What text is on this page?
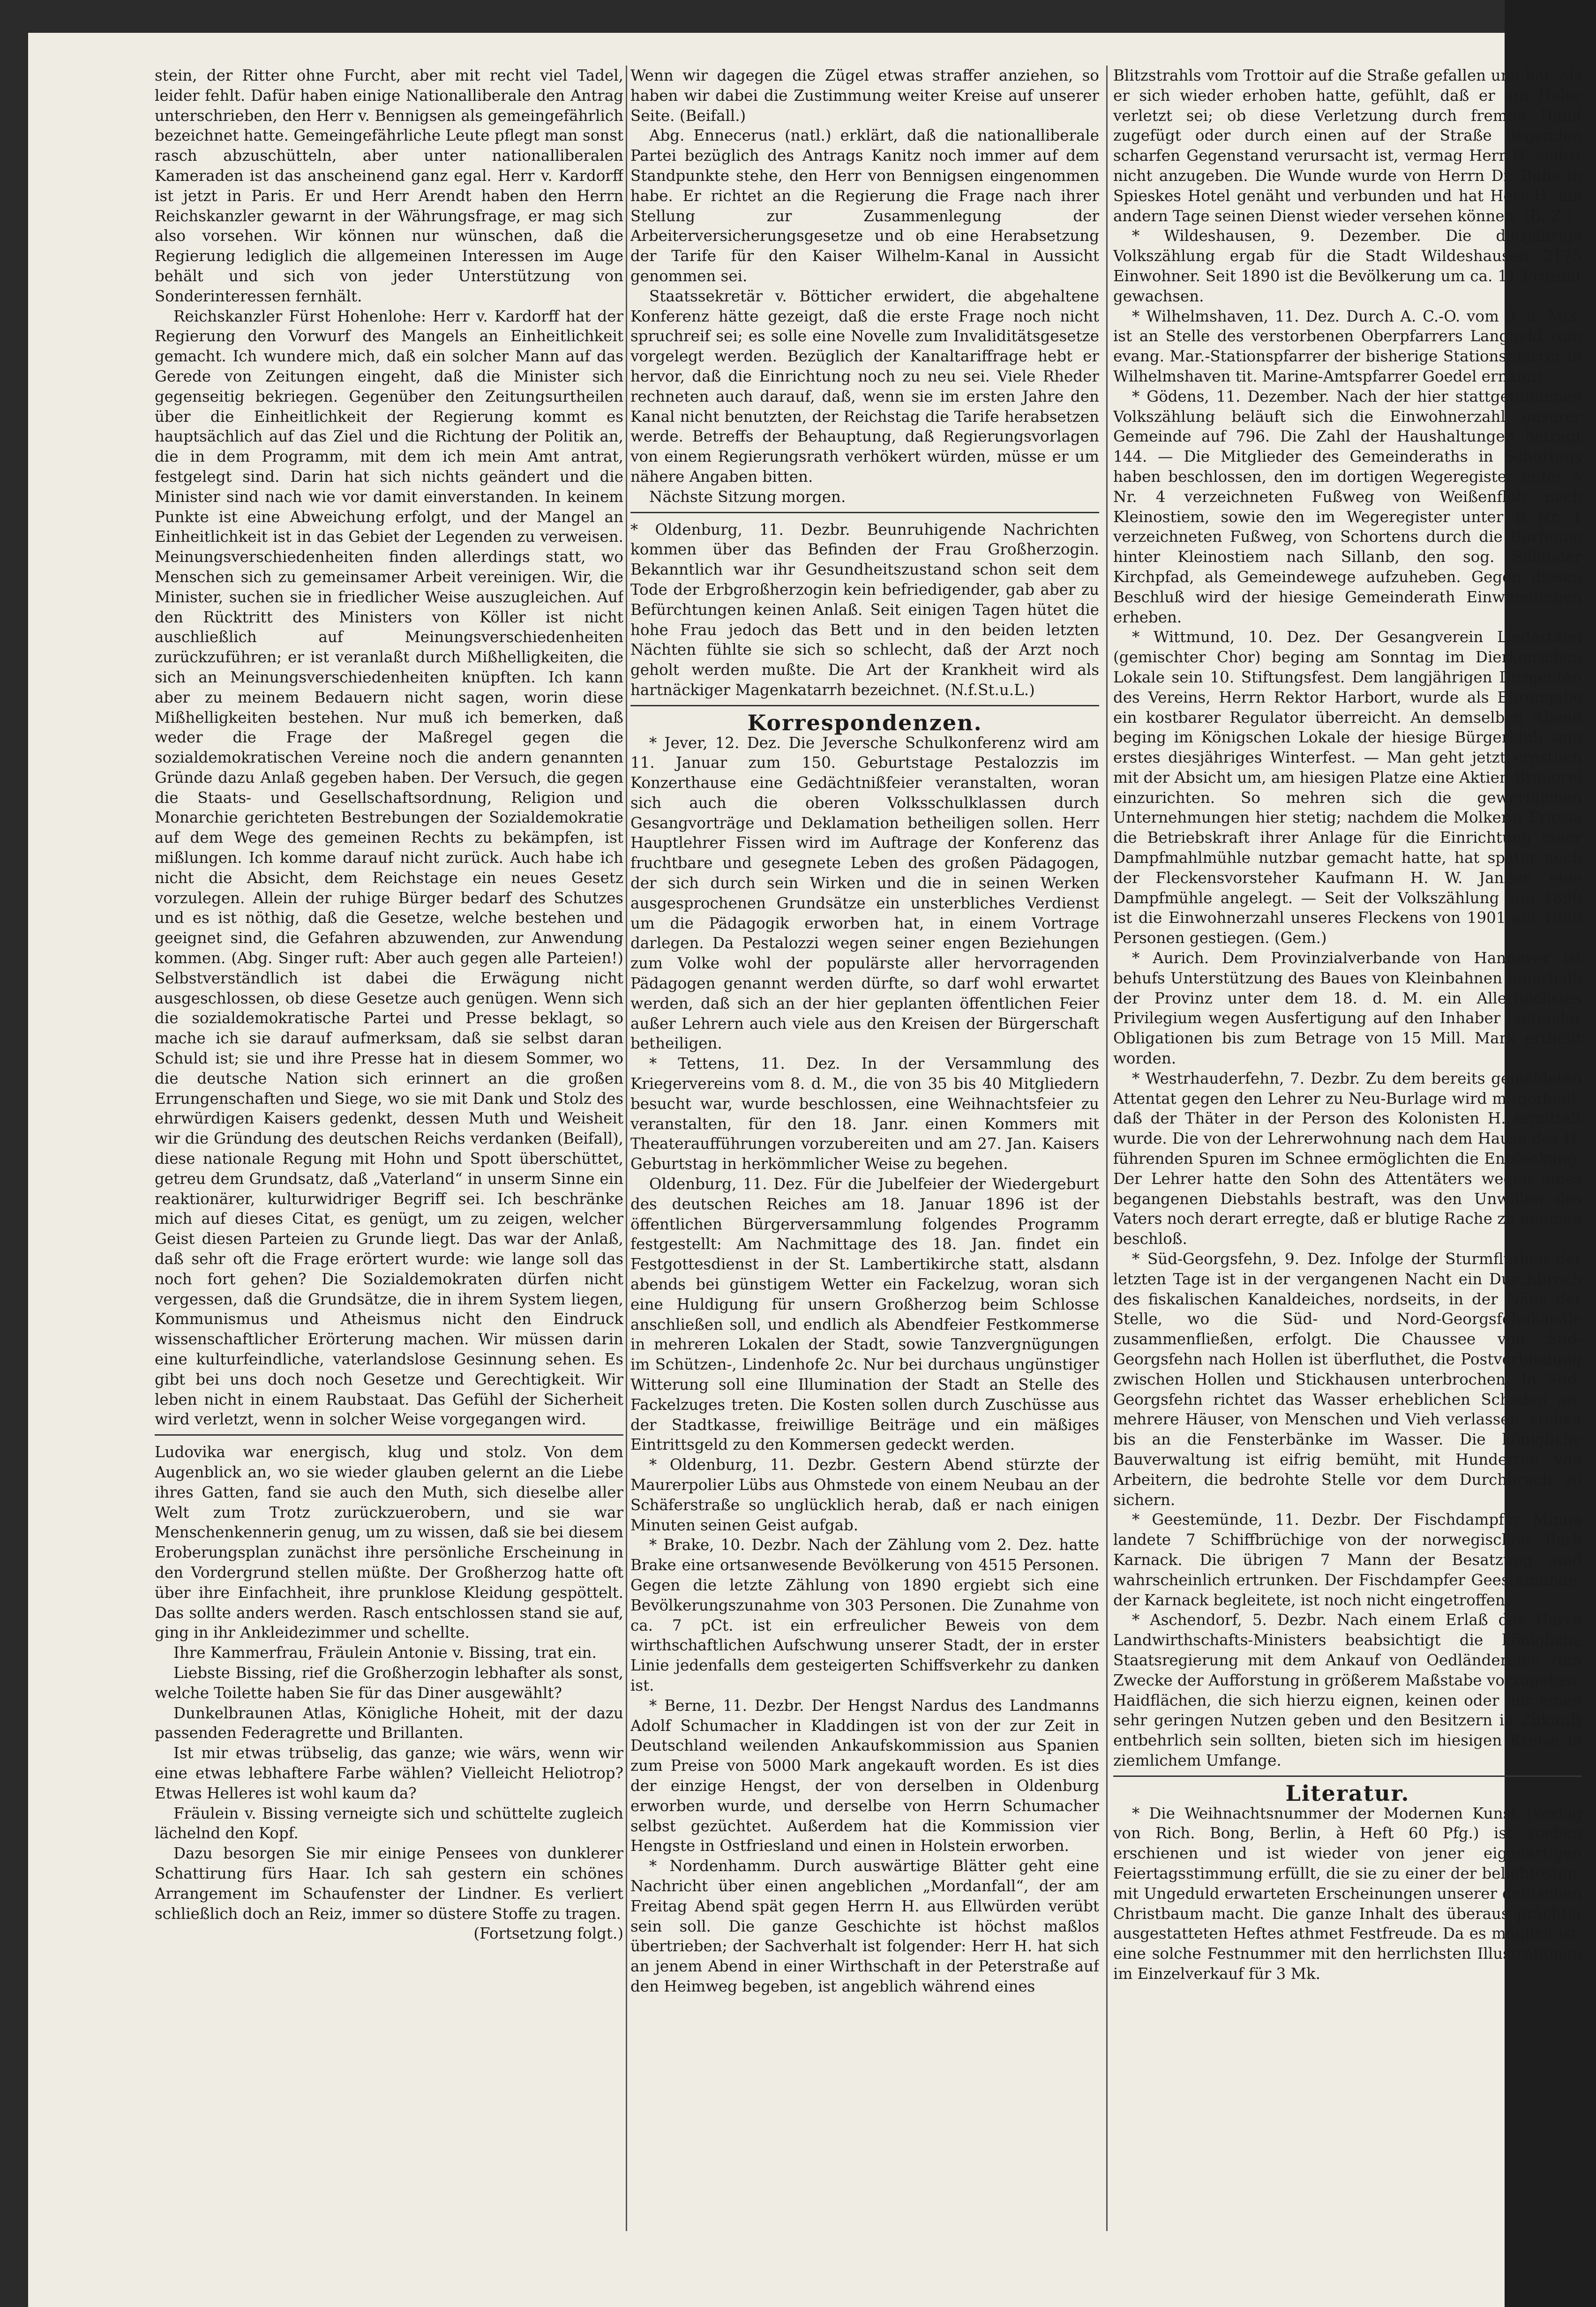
stein, der Ritter ohne Furcht, aber mit recht viel Tadel, leider fehlt. Dafür haben einige Nationalliberale den Antrag unterschrieben, den Herr v. Bennigsen als gemeingefährlich bezeichnet hatte. Gemeingefährliche Leute pflegt man sonst rasch abzuschütteln, aber unter nationalliberalen Kameraden ist das anscheinend ganz egal. Herr v. Kardorff ist jetzt in Paris. Er und Herr Arendt haben den Herrn Reichskanzler gewarnt in der Währungsfrage, er mag sich also vorsehen. Wir können nur wünschen, daß die Regierung lediglich die allgemeinen Interessen im Auge behält und sich von jeder Unterstützung von Sonderinteressen fernhält.

Reichskanzler Fürst Hohenlohe: Herr v. Kardorff hat der Regierung den Vorwurf des Mangels an Einheitlichkeit gemacht. Ich wundere mich, daß ein solcher Mann auf das Gerede von Zeitungen eingeht, daß die Minister sich gegenseitig bekriegen. Gegenüber den Zeitungsurtheilen über die Einheitlichkeit der Regierung kommt es hauptsächlich auf das Ziel und die Richtung der Politik an, die in dem Programm, mit dem ich mein Amt antrat, festgelegt sind. Darin hat sich nichts geändert und die Minister sind nach wie vor damit einverstanden. In keinem Punkte ist eine Abweichung erfolgt, und der Mangel an Einheitlichkeit ist in das Gebiet der Legenden zu verweisen. Meinungsverschiedenheiten finden allerdings statt, wo Menschen sich zu gemeinsamer Arbeit vereinigen. Wir, die Minister, suchen sie in friedlicher Weise auszugleichen. Auf den Rücktritt des Ministers von Köller ist nicht auschließlich auf Meinungsverschiedenheiten zurückzuführen; er ist veranlaßt durch Mißhelligkeiten, die sich an Meinungsverschiedenheiten knüpften. Ich kann aber zu meinem Bedauern nicht sagen, worin diese Mißhelligkeiten bestehen. Nur muß ich bemerken, daß weder die Frage der Maßregel gegen die sozialdemokratischen Vereine noch die andern genannten Gründe dazu Anlaß gegeben haben. Der Versuch, die gegen die Staats- und Gesellschaftsordnung, Religion und Monarchie gerichteten Bestrebungen der Sozialdemokratie auf dem Wege des gemeinen Rechts zu bekämpfen, ist mißlungen. Ich komme darauf nicht zurück. Auch habe ich nicht die Absicht, dem Reichstage ein neues Gesetz vorzulegen. Allein der ruhige Bürger bedarf des Schutzes und es ist nöthig, daß die Gesetze, welche bestehen und geeignet sind, die Gefahren abzuwenden, zur Anwendung kommen. (Abg. Singer ruft: Aber auch gegen alle Parteien!) Selbstverständlich ist dabei die Erwägung nicht ausgeschlossen, ob diese Gesetze auch genügen. Wenn sich die sozialdemokratische Partei und Presse beklagt, so mache ich sie darauf aufmerksam, daß sie selbst daran Schuld ist; sie und ihre Presse hat in diesem Sommer, wo die deutsche Nation sich erinnert an die großen Errungenschaften und Siege, wo sie mit Dank und Stolz des ehrwürdigen Kaisers gedenkt, dessen Muth und Weisheit wir die Gründung des deutschen Reichs verdanken (Beifall), diese nationale Regung mit Hohn und Spott überschüttet, getreu dem Grundsatz, daß „Vaterland“ in unserm Sinne ein reaktionärer, kulturwidriger Begriff sei. Ich beschränke mich auf dieses Citat, es genügt, um zu zeigen, welcher Geist diesen Parteien zu Grunde liegt. Das war der Anlaß, daß sehr oft die Frage erörtert wurde: wie lange soll das noch fort gehen? Die Sozialdemokraten dürfen nicht vergessen, daß die Grundsätze, die in ihrem System liegen, Kommunismus und Atheismus nicht den Eindruck wissenschaftlicher Erörterung machen. Wir müssen darin eine kulturfeindliche, vaterlandslose Gesinnung sehen. Es gibt bei uns doch noch Gesetze und Gerechtigkeit. Wir leben nicht in einem Raubstaat. Das Gefühl der Sicherheit wird verletzt, wenn in solcher Weise vorgegangen wird.

Ludovika war energisch, klug und stolz. Von dem Augenblick an, wo sie wieder glauben gelernt an die Liebe ihres Gatten, fand sie auch den Muth, sich dieselbe aller Welt zum Trotz zurückzuerobern, und sie war Menschenkennerin genug, um zu wissen, daß sie bei diesem Eroberungsplan zunächst ihre persönliche Erscheinung in den Vordergrund stellen müßte. Der Großherzog hatte oft über ihre Einfachheit, ihre prunklose Kleidung gespöttelt. Das sollte anders werden. Rasch entschlossen stand sie auf, ging in ihr Ankleidezimmer und schellte.

Ihre Kammerfrau, Fräulein Antonie v. Bissing, trat ein.

Liebste Bissing, rief die Großherzogin lebhafter als sonst, welche Toilette haben Sie für das Diner ausgewählt?

Dunkelbraunen Atlas, Königliche Hoheit, mit der dazu passenden Federagrette und Brillanten.

Ist mir etwas trübselig, das ganze; wie wärs, wenn wir eine etwas lebhaftere Farbe wählen? Vielleicht Heliotrop? Etwas Helleres ist wohl kaum da?

Fräulein v. Bissing verneigte sich und schüttelte zugleich lächelnd den Kopf.

Dazu besorgen Sie mir einige Pensees von dunklerer Schattirung fürs Haar. Ich sah gestern ein schönes Arrangement im Schaufenster der Lindner. Es verliert schließlich doch an Reiz, immer so düstere Stoffe zu tragen.

(Fortsetzung folgt.)

Wenn wir dagegen die Zügel etwas straffer anziehen, so haben wir dabei die Zustimmung weiter Kreise auf unserer Seite. (Beifall.)

Abg. Ennecerus (natl.) erklärt, daß die nationalliberale Partei bezüglich des Antrags Kanitz noch immer auf dem Standpunkte stehe, den Herr von Bennigsen eingenommen habe. Er richtet an die Regierung die Frage nach ihrer Stellung zur Zusammenlegung der Arbeiterversicherungsgesetze und ob eine Herabsetzung der Tarife für den Kaiser Wilhelm-Kanal in Aussicht genommen sei.

Staatssekretär v. Bötticher erwidert, die abgehaltene Konferenz hätte gezeigt, daß die erste Frage noch nicht spruchreif sei; es solle eine Novelle zum Invaliditätsgesetze vorgelegt werden. Bezüglich der Kanaltariffrage hebt er hervor, daß die Einrichtung noch zu neu sei. Viele Rheder rechneten auch darauf, daß, wenn sie im ersten Jahre den Kanal nicht benutzten, der Reichstag die Tarife herabsetzen werde. Betreffs der Behauptung, daß Regierungsvorlagen von einem Regierungsrath verhökert würden, müsse er um nähere Angaben bitten.

Nächste Sitzung morgen.

* Oldenburg, 11. Dezbr. Beunruhigende Nachrichten kommen über das Befinden der Frau Großherzogin. Bekanntlich war ihr Gesundheitszustand schon seit dem Tode der Erbgroßherzogin kein befriedigender, gab aber zu Befürchtungen keinen Anlaß. Seit einigen Tagen hütet die hohe Frau jedoch das Bett und in den beiden letzten Nächten fühlte sie sich so schlecht, daß der Arzt noch geholt werden mußte. Die Art der Krankheit wird als hartnäckiger Magenkatarrh bezeichnet. (N.f.St.u.L.)

Korrespondenzen.

* Jever, 12. Dez. Die Jeversche Schulkonferenz wird am 11. Januar zum 150. Geburtstage Pestalozzis im Konzerthause eine Gedächtnißfeier veranstalten, woran sich auch die oberen Volksschulklassen durch Gesangvorträge und Deklamation betheiligen sollen. Herr Hauptlehrer Fissen wird im Auftrage der Konferenz das fruchtbare und gesegnete Leben des großen Pädagogen, der sich durch sein Wirken und die in seinen Werken ausgesprochenen Grundsätze ein unsterbliches Verdienst um die Pädagogik erworben hat, in einem Vortrage darlegen. Da Pestalozzi wegen seiner engen Beziehungen zum Volke wohl der populärste aller hervorragenden Pädagogen genannt werden dürfte, so darf wohl erwartet werden, daß sich an der hier geplanten öffentlichen Feier außer Lehrern auch viele aus den Kreisen der Bürgerschaft betheiligen.

* Tettens, 11. Dez. In der Versammlung des Kriegervereins vom 8. d. M., die von 35 bis 40 Mitgliedern besucht war, wurde beschlossen, eine Weihnachtsfeier zu veranstalten, für den 18. Janr. einen Kommers mit Theateraufführungen vorzubereiten und am 27. Jan. Kaisers Geburtstag in herkömmlicher Weise zu begehen.

Oldenburg, 11. Dez. Für die Jubelfeier der Wiedergeburt des deutschen Reiches am 18. Januar 1896 ist der öffentlichen Bürgerversammlung folgendes Programm festgestellt: Am Nachmittage des 18. Jan. findet ein Festgottesdienst in der St. Lambertikirche statt, alsdann abends bei günstigem Wetter ein Fackelzug, woran sich eine Huldigung für unsern Großherzog beim Schlosse anschließen soll, und endlich als Abendfeier Festkommerse in mehreren Lokalen der Stadt, sowie Tanzvergnügungen im Schützen-, Lindenhofe 2c. Nur bei durchaus ungünstiger Witterung soll eine Illumination der Stadt an Stelle des Fackelzuges treten. Die Kosten sollen durch Zuschüsse aus der Stadtkasse, freiwillige Beiträge und ein mäßiges Eintrittsgeld zu den Kommersen gedeckt werden.

* Oldenburg, 11. Dezbr. Gestern Abend stürzte der Maurerpolier Lübs aus Ohmstede von einem Neubau an der Schäferstraße so unglücklich herab, daß er nach einigen Minuten seinen Geist aufgab.

* Brake, 10. Dezbr. Nach der Zählung vom 2. Dez. hatte Brake eine ortsanwesende Bevölkerung von 4515 Personen. Gegen die letzte Zählung von 1890 ergiebt sich eine Bevölkerungszunahme von 303 Personen. Die Zunahme von ca. 7 pCt. ist ein erfreulicher Beweis von dem wirthschaftlichen Aufschwung unserer Stadt, der in erster Linie jedenfalls dem gesteigerten Schiffsverkehr zu danken ist.

* Berne, 11. Dezbr. Der Hengst Nardus des Landmanns Adolf Schumacher in Kladdingen ist von der zur Zeit in Deutschland weilenden Ankaufskommission aus Spanien zum Preise von 5000 Mark angekauft worden. Es ist dies der einzige Hengst, der von derselben in Oldenburg erworben wurde, und derselbe von Herrn Schumacher selbst gezüchtet. Außerdem hat die Kommission vier Hengste in Ostfriesland und einen in Holstein erworben.

* Nordenhamm. Durch auswärtige Blätter geht eine Nachricht über einen angeblichen „Mordanfall“, der am Freitag Abend spät gegen Herrn H. aus Ellwürden verübt sein soll. Die ganze Geschichte ist höchst maßlos übertrieben; der Sachverhalt ist folgender: Herr H. hat sich an jenem Abend in einer Wirthschaft in der Peterstraße auf den Heimweg begeben, ist angeblich während eines

Blitzstrahls vom Trottoir auf die Straße gefallen und hat, als er sich wieder erhoben hatte, gefühlt, daß er am Halse verletzt sei; ob diese Verletzung durch fremde Hand zugefügt oder durch einen auf der Straße liegenden scharfen Gegenstand verursacht ist, vermag Herr H. selbst nicht anzugeben. Die Wunde wurde von Herrn Dr. Buba in Spieskes Hotel genäht und verbunden und hat Herr H. am andern Tage seinen Dienst wieder versehen können. (B. Z.)

* Wildeshausen, 9. Dezember. Die diesjährige Volkszählung ergab für die Stadt Wildeshausen 2175 Einwohner. Seit 1890 ist die Bevölkerung um ca. 11 Prozent gewachsen.

* Wilhelmshaven, 11. Dez. Durch A. C.-O. vom 9. d. Mts. ist an Stelle des verstorbenen Oberpfarrers Langheld zum evang. Mar.-Stationspfarrer der bisherige Stationspfarrer in Wilhelmshaven tit. Marine-Amtspfarrer Goedel ernannt.

* Gödens, 11. Dezember. Nach der hier stattgefundenen Volkszählung beläuft sich die Einwohnerzahl unserer Gemeinde auf 796. Die Zahl der Haushaltungen beträgt 144. — Die Mitglieder des Gemeinderaths in Schortens haben beschlossen, den im dortigen Wegeregister unter A Nr. 4 verzeichneten Fußweg von Weißenfloh nach Kleinostiem, sowie den im Wegeregister unter B Nr. 1 verzeichneten Fußweg, von Schortens durch die Burfenne hinter Kleinostiem nach Sillanb, den sog. Sillander Kirchpfad, als Gemeindewege aufzuheben. Gegen diesen Beschluß wird der hiesige Gemeinderath Einwendungen erheben.

* Wittmund, 10. Dez. Der Gesangverein Liedertafel (gemischter Chor) beging am Sonntag im Dierkenschen Lokale sein 10. Stiftungsfest. Dem langjährigen Dirigenten des Vereins, Herrn Rektor Harbort, wurde als Ehrengabe ein kostbarer Regulator überreicht. An demselben Abend beging im Königschen Lokale der hiesige Bürgerklub sein erstes diesjähriges Winterfest. — Man geht jetzt ernstlich mit der Absicht um, am hiesigen Platze eine Aktien-Brauerei einzurichten. So mehren sich die gewerblichen Unternehmungen hier stetig; nachdem die Molkerei Friesia die Betriebskraft ihrer Anlage für die Einrichtung einer Dampfmahlmühle nutzbar gemacht hatte, hat später auch der Fleckensvorsteher Kaufmann H. W. Janßen eine Dampfmühle angelegt. — Seit der Volkszählung von 1890 ist die Einwohnerzahl unseres Fleckens von 1901 auf 1980 Personen gestiegen. (Gem.)

* Aurich. Dem Provinzialverbande von Hannover ist behufs Unterstützung des Baues von Kleinbahnen innerhalb der Provinz unter dem 18. d. M. ein Allerhöchstes Privilegium wegen Ausfertigung auf den Inhaber lautender Obligationen bis zum Betrage von 15 Mill. Mark ertheilt worden.

* Westrhauderfehn, 7. Dezbr. Zu dem bereits gemeldeten Attentat gegen den Lehrer zu Neu-Burlage wird mitgetheilt, daß der Thäter in der Person des Kolonisten H. ermittelt wurde. Die von der Lehrerwohnung nach dem Hause des H. führenden Spuren im Schnee ermöglichten die Entdeckung. Der Lehrer hatte den Sohn des Attentäters wegen eines begangenen Diebstahls bestraft, was den Unwillen des Vaters noch derart erregte, daß er blutige Rache zu nehmen beschloß.

* Süd-Georgsfehn, 9. Dez. Infolge der Sturmfluthen der letzten Tage ist in der vergangenen Nacht ein Durchbruch des fiskalischen Kanaldeiches, nordseits, in der Nähe der Stelle, wo die Süd- und Nord-Georgsfehnkanäle zusammenfließen, erfolgt. Die Chaussee von Süd-Georgsfehn nach Hollen ist überfluthet, die Postverbindung zwischen Hollen und Stickhausen unterbrochen. In Süd-Georgsfehn richtet das Wasser erheblichen Schaden an; mehrere Häuser, von Menschen und Vieh verlassen, stehen bis an die Fensterbänke im Wasser. Die königliche Bauverwaltung ist eifrig bemüht, mit Hunderten von Arbeitern, die bedrohte Stelle vor dem Durchbruch zu sichern.

* Geestemünde, 11. Dezbr. Der Fischdampfer Minna landete 7 Schiffbrüchige von der norwegischen Bark Karnack. Die übrigen 7 Mann der Besatzung sind wahrscheinlich ertrunken. Der Fischdampfer Geestemünde, der Karnack begleitete, ist noch nicht eingetroffen.

* Aschendorf, 5. Dezbr. Nach einem Erlaß des Herrn Landwirthschafts-Ministers beabsichtigt die königliche Staatsregierung mit dem Ankauf von Oedländereien zum Zwecke der Aufforstung in größerem Maßstabe vorzugehen. Haidflächen, die sich hierzu eignen, keinen oder nur einen sehr geringen Nutzen geben und den Besitzern in Zukunft entbehrlich sein sollten, bieten sich im hiesigen Kreise in ziemlichem Umfange.

Literatur.

* Die Weihnachtsnummer der Modernen Kunst (Verlag von Rich. Bong, Berlin, à Heft 60 Pfg.) ist soeben erschienen und ist wieder von jener eigenartigen Feiertagsstimmung erfüllt, die sie zu einer der beliebtesten, mit Ungeduld erwarteten Erscheinungen unserer deutschen Christbaum macht. Die ganze Inhalt des überaus prächtig ausgestatteten Heftes athmet Festfreude. Da es möglich ist, eine solche Festnummer mit den herrlichsten Illustrationen im Einzelverkauf für 3 Mk.
